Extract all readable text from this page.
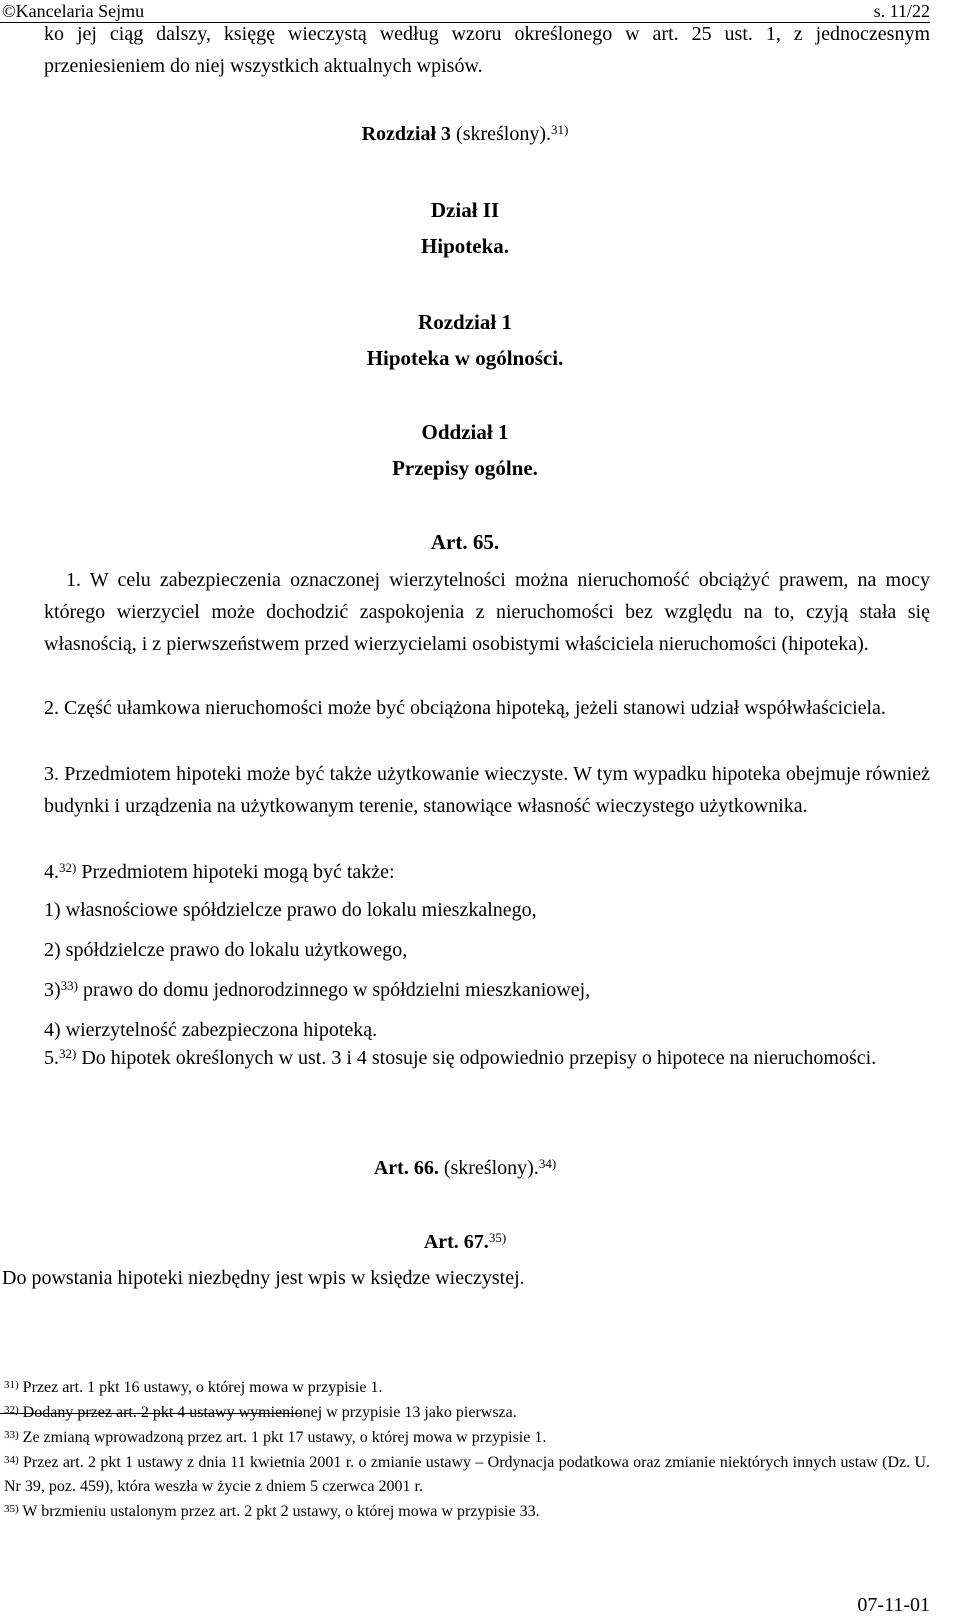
©Kancelaria Sejmu	s. 11/22
ko jej ciąg dalszy, księgę wieczystą według wzoru określonego w art. 25 ust. 1, z jednoczesnym przeniesieniem do niej wszystkich aktualnych wpisów.
Rozdział 3 (skreślony).$^{31)}$
Dział II
Hipoteka.
Rozdział 1
Hipoteka w ogólności.
Oddział 1
Przepisy ogólne.
Art. 65.
1. W celu zabezpieczenia oznaczonej wierzytelności można nieruchomość obciążyć prawem, na mocy którego wierzyciel może dochodzić zaspokojenia z nieruchomości bez względu na to, czyją stała się własnością, i z pierwszeństwem przed wierzycielami osobistymi właściciela nieruchomości (hipoteka).
2. Część ułamkowa nieruchomości może być obciążona hipoteką, jeżeli stanowi udział współwłaściciela.
3. Przedmiotem hipoteki może być także użytkowanie wieczyste. W tym wypadku hipoteka obejmuje również budynki i urządzenia na użytkowanym terenie, stanowiące własność wieczystego użytkownika.
4.$^{32)}$ Przedmiotem hipoteki mogą być także:
1) własnościowe spółdzielcze prawo do lokalu mieszkalnego,
2) spółdzielcze prawo do lokalu użytkowego,
3)$^{33)}$ prawo do domu jednorodzinnego w spółdzielni mieszkaniowej,
4) wierzytelność zabezpieczona hipoteką.
5.$^{32)}$ Do hipotek określonych w ust. 3 i 4 stosuje się odpowiednio przepisy o hipotece na nieruchomości.
Art. 66. (skreślony).$^{34)}$
Art. 67.$^{35)}$
Do powstania hipoteki niezbędny jest wpis w księdze wieczystej.
$^{31)}$ Przez art. 1 pkt 16 ustawy, o której mowa w przypisie 1.
$^{32)}$ Dodany przez art. 2 pkt 4 ustawy wymienionej w przypisie 13 jako pierwsza.
$^{33)}$ Ze zmianą wprowadzoną przez art. 1 pkt 17 ustawy, o której mowa w przypisie 1.
$^{34)}$ Przez art. 2 pkt 1 ustawy z dnia 11 kwietnia 2001 r. o zmianie ustawy – Ordynacja podatkowa oraz zmianie niektórych innych ustaw (Dz. U. Nr 39, poz. 459), która weszła w życie z dniem 5 czerwca 2001 r.
$^{35)}$ W brzmieniu ustalonym przez art. 2 pkt 2 ustawy, o której mowa w przypisie 33.
07-11-01
